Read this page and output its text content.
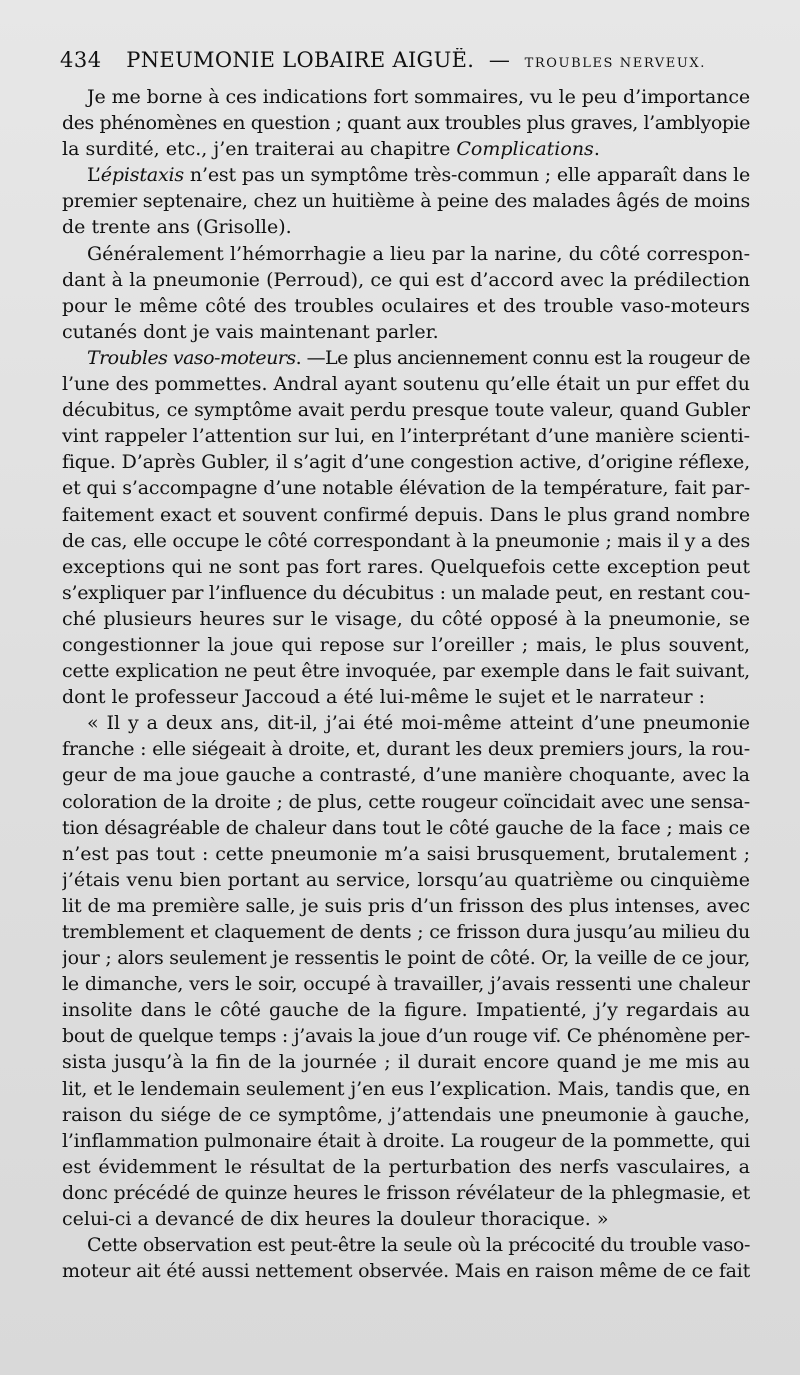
434 PNEUMONIE LOBAIRE AIGUË. — TROUBLES NERVEUX.
Je me borne à ces indications fort sommaires, vu le peu d’importance
des phénomènes en question ; quant aux troubles plus graves, l’amblyopie
la surdité, etc., j’en traiterai au chapitre Complications.
L’épistaxis n’est pas un symptôme très-commun ; elle apparaît dans le
premier septenaire, chez un huitième à peine des malades âgés de moins
de trente ans (Grisolle).
Généralement l’hémorrhagie a lieu par la narine, du côté correspon-
dant à la pneumonie (Perroud), ce qui est d’accord avec la prédilection
pour le même côté des troubles oculaires et des trouble vaso-moteurs
cutanés dont je vais maintenant parler.
Troubles vaso-moteurs. —Le plus anciennement connu est la rougeur de
l’une des pommettes. Andral ayant soutenu qu’elle était un pur effet du
décubitus, ce symptôme avait perdu presque toute valeur, quand Gubler
vint rappeler l’attention sur lui, en l’interprétant d’une manière scienti-
fique. D’après Gubler, il s’agit d’une congestion active, d’origine réflexe,
et qui s’accompagne d’une notable élévation de la température, fait par-
faitement exact et souvent confirmé depuis. Dans le plus grand nombre
de cas, elle occupe le côté correspondant à la pneumonie ; mais il y a des
exceptions qui ne sont pas fort rares. Quelquefois cette exception peut
s’expliquer par l’influence du décubitus : un malade peut, en restant cou-
ché plusieurs heures sur le visage, du côté opposé à la pneumonie, se
congestionner la joue qui repose sur l’oreiller ; mais, le plus souvent,
cette explication ne peut être invoquée, par exemple dans le fait suivant,
dont le professeur Jaccoud a été lui-même le sujet et le narrateur :
« Il y a deux ans, dit-il, j’ai été moi-même atteint d’une pneumonie
franche : elle siégeait à droite, et, durant les deux premiers jours, la rou-
geur de ma joue gauche a contrasté, d’une manière choquante, avec la
coloration de la droite ; de plus, cette rougeur coïncidait avec une sensa-
tion désagréable de chaleur dans tout le côté gauche de la face ; mais ce
n’est pas tout : cette pneumonie m’a saisi brusquement, brutalement ;
j’étais venu bien portant au service, lorsqu’au quatrième ou cinquième
lit de ma première salle, je suis pris d’un frisson des plus intenses, avec
tremblement et claquement de dents ; ce frisson dura jusqu’au milieu du
jour ; alors seulement je ressentis le point de côté. Or, la veille de ce jour,
le dimanche, vers le soir, occupé à travailler, j’avais ressenti une chaleur
insolite dans le côté gauche de la figure. Impatienté, j’y regardais au
bout de quelque temps : j’avais la joue d’un rouge vif. Ce phénomène per-
sista jusqu’à la fin de la journée ; il durait encore quand je me mis au
lit, et le lendemain seulement j’en eus l’explication. Mais, tandis que, en
raison du siége de ce symptôme, j’attendais une pneumonie à gauche,
l’inflammation pulmonaire était à droite. La rougeur de la pommette, qui
est évidemment le résultat de la perturbation des nerfs vasculaires, a
donc précédé de quinze heures le frisson révélateur de la phlegmasie, et
celui-ci a devancé de dix heures la douleur thoracique. »
Cette observation est peut-être la seule où la précocité du trouble vaso-
moteur ait été aussi nettement observée. Mais en raison même de ce fait
